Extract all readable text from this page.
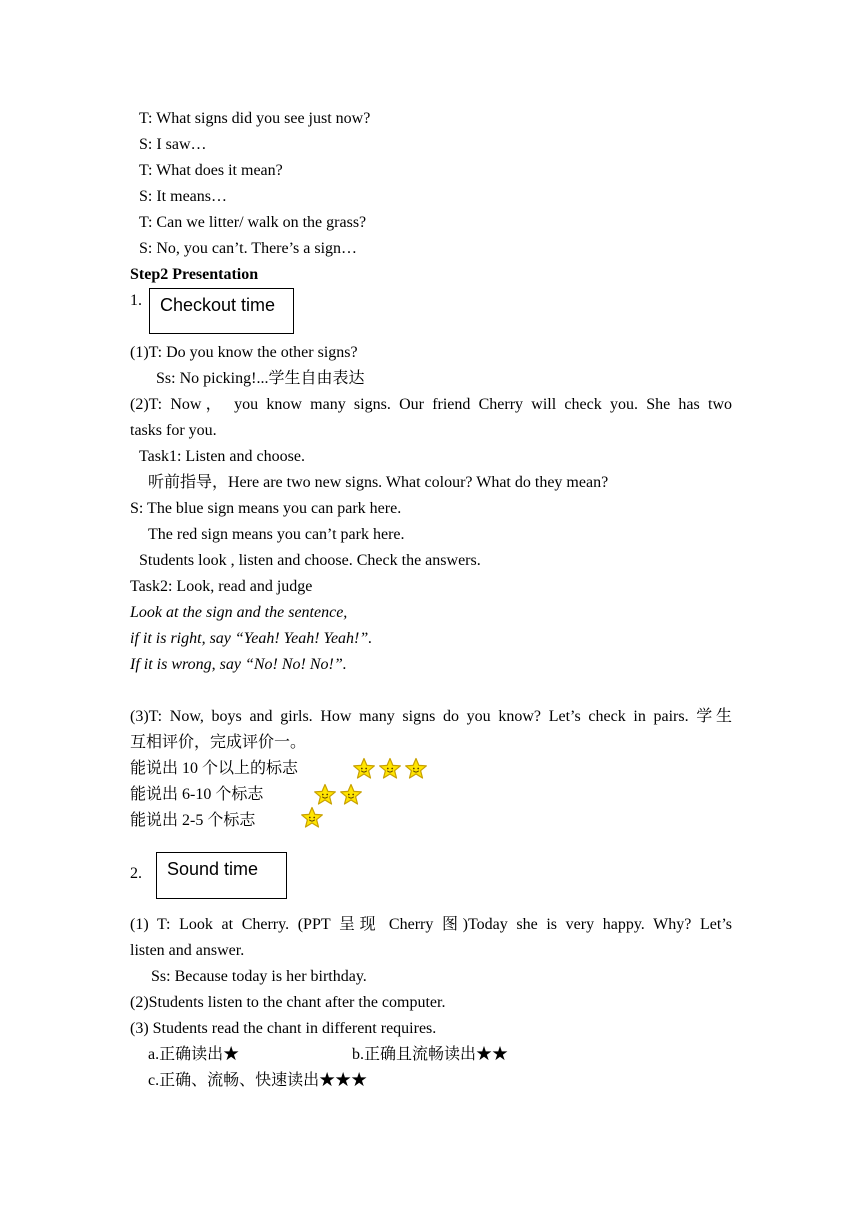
T: What signs did you see just now?
S: I saw…
T: What does it mean?
S: It means…
T: Can we litter/ walk on the grass?
S: No, you can’t. There’s a sign…
Step2 Presentation
1.	Checkout time
(1)T: Do you know the other signs?
Ss: No picking!...学生自由表达
(2)T: Now， you know many signs. Our friend Cherry will check you. She has two
tasks for you.
Task1: Listen and choose.
听前指导，Here are two new signs. What colour? What do they mean?
S: The blue sign means you can park here.
The red sign means you can’t park here.
Students look , listen and choose. Check the answers.
Task2: Look, read and judge
Look at the sign and the sentence,
if it is right, say “Yeah! Yeah! Yeah!”.
If it is wrong, say “No! No! No!”.
(3)T: Now, boys and girls. How many signs do you know? Let’s check in pairs. 学生
互相评价，完成评价一。
能说出 10 个以上的标志
能说出 6-10 个标志
能说出 2-5 个标志
2.	Sound time
(1) T: Look at Cherry. (PPT 呈现 Cherry 图)Today she is very happy. Why? Let’s
listen and answer.
Ss: Because today is her birthday.
(2)Students listen to the chant after the computer.
(3) Students read the chant in different requires.
a.正确读出★	b.正确且流畅读出★★
c.正确、流畅、快速读出★★★
